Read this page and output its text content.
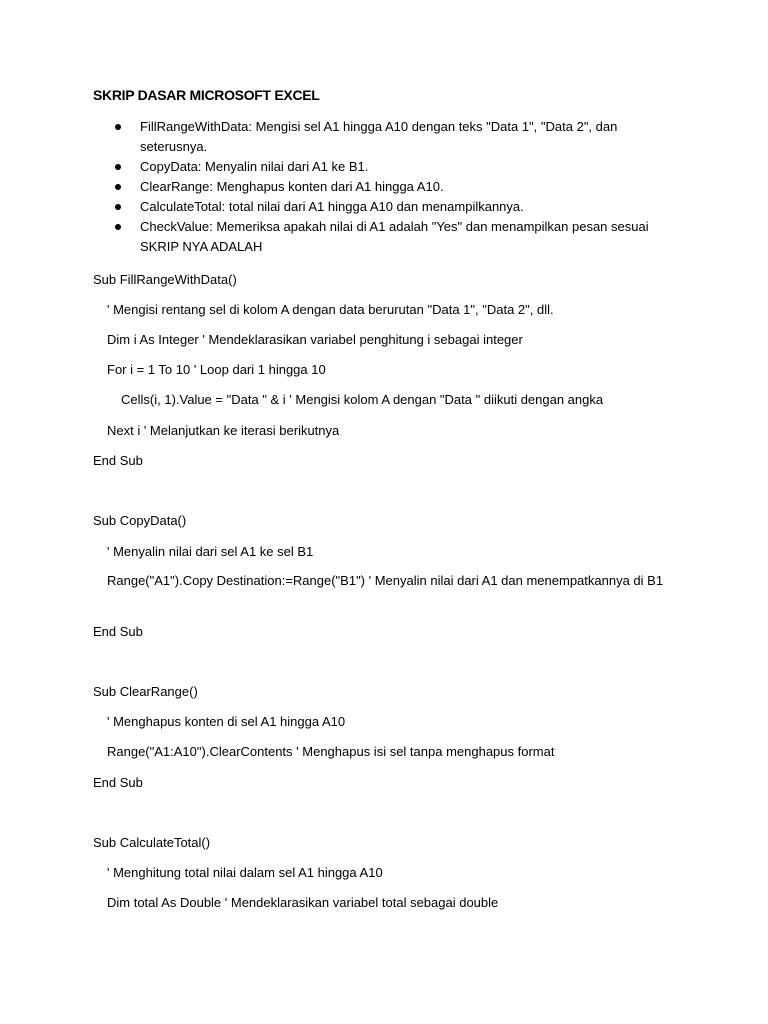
SKRIP DASAR MICROSOFT EXCEL
FillRangeWithData: Mengisi sel A1 hingga A10 dengan teks "Data 1", "Data 2", dan seterusnya.
CopyData: Menyalin nilai dari A1 ke B1.
ClearRange: Menghapus konten dari A1 hingga A10.
CalculateTotal: total nilai dari A1 hingga A10 dan menampilkannya.
CheckValue: Memeriksa apakah nilai di A1 adalah "Yes" dan menampilkan pesan sesuai SKRIP NYA ADALAH
Sub FillRangeWithData()
' Mengisi rentang sel di kolom A dengan data berurutan "Data 1", "Data 2", dll.
Dim i As Integer ' Mendeklarasikan variabel penghitung i sebagai integer
For i = 1 To 10 ' Loop dari 1 hingga 10
Cells(i, 1).Value = "Data " & i ' Mengisi kolom A dengan "Data " diikuti dengan angka
Next i ' Melanjutkan ke iterasi berikutnya
End Sub
Sub CopyData()
' Menyalin nilai dari sel A1 ke sel B1
Range("A1").Copy Destination:=Range("B1") ' Menyalin nilai dari A1 dan menempatkannya di B1
End Sub
Sub ClearRange()
' Menghapus konten di sel A1 hingga A10
Range("A1:A10").ClearContents ' Menghapus isi sel tanpa menghapus format
End Sub
Sub CalculateTotal()
' Menghitung total nilai dalam sel A1 hingga A10
Dim total As Double ' Mendeklarasikan variabel total sebagai double
